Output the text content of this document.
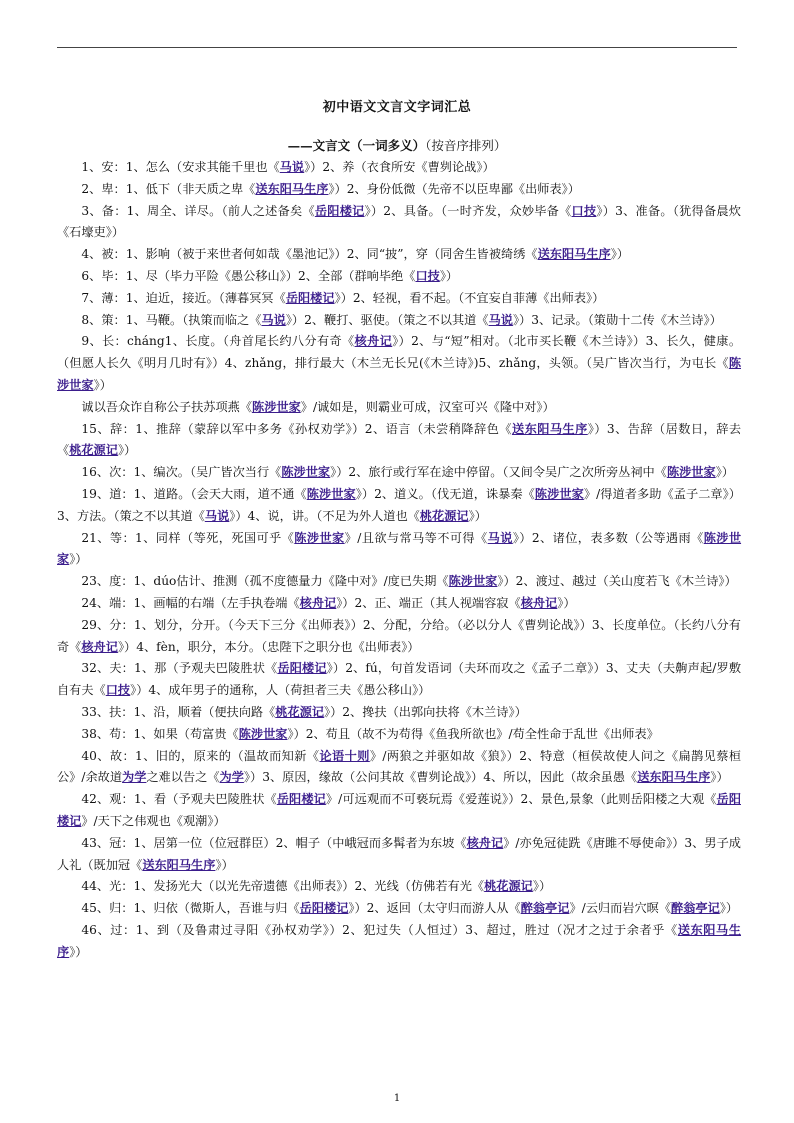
初中语文文言文字词汇总
——文言文（一词多义）（按音序排列）

1、安：1、怎么（安求其能千里也《马说》）2、养（衣食所安《曹刿论战》）

2、卑：1、低下（非天质之卑《送东阳马生序》）2、身份低微（先帝不以臣卑鄙《出师表》）

3、备：1、周全、详尽。（前人之述备矣《岳阳楼记》）2、具备。（一时齐发，众妙毕备《口技》）3、准备。（犹得备晨炊《石壕吏》）

4、被：1、影响（被于来世者何如哉《墨池记》）2、同“披”，穿（同舍生皆被绮绣《送东阳马生序》）

6、毕：1、尽（毕力平险《愚公移山》）2、全部（群响毕绝《口技》）

7、薄：1、迫近，接近。（薄暮冥冥《岳阳楼记》）2、轻视，看不起。（不宜妄自菲薄《出师表》）

8、策：1、马鞭。（执策而临之《马说》）2、鞭打、驱使。（策之不以其道《马说》）3、记录。（策勋十二传《木兰诗》）

9、长：cháng1、长度。（舟首尾长约八分有奇《核舟记》）2、与“短”相对。（北市买长鞭《木兰诗》）3、长久，健康。（但愿人长久《明月几时有》）4、zhǎng，排行最大（木兰无长兄(《木兰诗》)5、zhǎng，头领。（吴广皆次当行，为屯长《陈涉世家》）

诚以吾众诈自称公子扶苏项燕《陈涉世家》/诚如是，则霸业可成，汉室可兴《隆中对》）

15、辞：1、推辞（蒙辞以军中多务《孙权劝学》）2、语言（未尝稍降辞色《送东阳马生序》）3、告辞（居数日，辞去《桃花源记》）

16、次：1、编次。（吴广皆次当行《陈涉世家》）2、旅行或行军在途中停留。（又间令吴广之次所旁丛祠中《陈涉世家》）

19、道：1、道路。（会天大雨，道不通《陈涉世家》）2、道义。（伐无道，诛暴秦《陈涉世家》/得道者多助《孟子二章》）3、方法。（策之不以其道《马说》）4、说，讲。（不足为外人道也《桃花源记》）

21、等：1、同样（等死，死国可乎《陈涉世家》/且欲与常马等不可得《马说》）2、诸位，表多数（公等遇雨《陈涉世家》）

23、度：1、dúo估计、推测（孤不度德量力《隆中对》/度已失期《陈涉世家》）2、渡过、越过（关山度若飞《木兰诗》）

24、端：1、画幅的右端（左手执卷端《核舟记》）2、正、端正（其人视端容寂《核舟记》）

29、分：1、划分，分开。（今天下三分《出师表》）2、分配，分给。（必以分人《曹刿论战》）3、长度单位。（长约八分有奇《核舟记》）4、fèn，职分，本分。（忠陛下之职分也《出师表》）

32、夫：1、那（予观夫巴陵胜状《岳阳楼记》）2、fú，句首发语词（夫环而攻之《孟子二章》）3、丈夫（夫齁声起/罗敷自有夫《口技》）4、成年男子的通称，人（荷担者三夫《愚公移山》）

33、扶：1、沿，顺着（便扶向路《桃花源记》）2、搀扶（出郭向扶将《木兰诗》）

38、苟：1、如果（苟富贵《陈涉世家》）2、苟且（故不为苟得《鱼我所欲也》/苟全性命于乱世《出师表》

40、故：1、旧的，原来的（温故而知新《论语十则》/两狼之并驱如故《狼》）2、特意（桓侯故使人问之《扁鹊见蔡桓公》/余故道为学之难以告之《为学》）3、原因，缘故（公问其故《曹刿论战》）4、所以，因此（故余虽愚《送东阳马生序》）

42、观：1、看（予观夫巴陵胜状《岳阳楼记》/可远观而不可亵玩焉《爱莲说》）2、景色,景象（此则岳阳楼之大观《岳阳楼记》/天下之伟观也《观潮》）

43、冠：1、居第一位（位冠群臣）2、帽子（中峨冠而多髯者为东坡《核舟记》/亦免冠徒跣《唐雎不辱使命》）3、男子成人礼（既加冠《送东阳马生序》）

44、光：1、发扬光大（以光先帝遗德《出师表》）2、光线（仿佛若有光《桃花源记》）

45、归：1、归依（微斯人，吾谁与归《岳阳楼记》）2、返回（太守归而游人从《醉翁亭记》/云归而岩穴暝《醉翁亭记》）

46、过：1、到（及鲁肃过寻阳《孙权劝学》）2、犯过失（人恒过）3、超过，胜过（况才之过于余者乎《送东阳马生序》）

1
